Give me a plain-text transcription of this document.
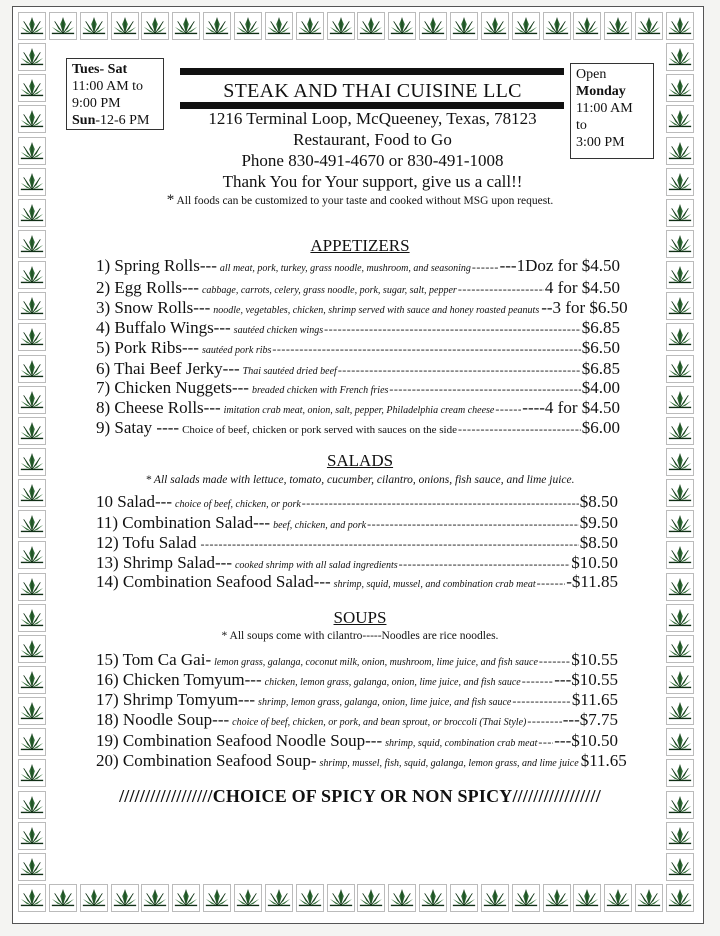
Tues- Sat
11:00 AM to
9:00 PM
Sun-12-6 PM
Open
Monday
11:00 AM
to
3:00 PM
STEAK AND THAI CUISINE LLC
1216 Terminal Loop, McQueeney, Texas, 78123
Restaurant, Food to Go
Phone 830-491-4670 or 830-491-1008
Thank You for Your support, give us a call!!
* All foods can be customized to your taste and cooked without MSG upon request.
APPETIZERS
1) Spring Rolls--- all meat, pork, turkey, grass noodle, mushroom, and seasoning ----- ---1Doz for $4.50
2) Egg Rolls--- cabbage, carrots, celery, grass noodle, pork, sugar, salt, pepper -----	4 for $4.50
3) Snow Rolls--- noodle, vegetables, chicken, shrimp served with sauce and honey roasted peanuts --3 for $6.50
4) Buffalo Wings--- sautéed chicken wings -----	$6.85
5) Pork Ribs--- sautéed pork ribs -----	$6.50
6) Thai Beef Jerky--- Thai sautéed dried beef -----	$6.85
7) Chicken Nuggets--- breaded chicken with French fries -----	$4.00
8) Cheese Rolls--- imitation crab meat, onion, salt, pepper, Philadelphia cream cheese ----- ----4 for $4.50
9) Satay ---- Choice of beef, chicken or pork served with sauces on the side -----	$6.00
SALADS
* All salads made with lettuce, tomato, cucumber, cilantro, onions, fish sauce, and lime juice.
10 Salad--- choice of beef, chicken, or pork -----	$8.50
11) Combination Salad--- beef, chicken, and pork -----	$9.50
12) Tofu Salad -----	$8.50
13) Shrimp Salad--- cooked shrimp with all salad ingredients -----	$10.50
14) Combination Seafood Salad--- shrimp, squid, mussel, and combination crab meat ----- -$11.85
SOUPS
* All soups come with cilantro-----Noodles are rice noodles.
15) Tom Ca Gai- lemon grass, galanga, coconut milk, onion, mushroom, lime juice, and fish sauce ----- $10.55
16) Chicken Tomyum--- chicken, lemon grass, galanga, onion, lime juice, and fish sauce ----- ---$10.55
17) Shrimp Tomyum--- shrimp, lemon grass, galanga, onion, lime juice, and fish sauce -----	$11.65
18) Noodle Soup--- choice of beef, chicken, or pork, and bean sprout, or broccoli (Thai Style) ----- ---$7.75
19) Combination Seafood Noodle Soup--- shrimp, squid, combination crab meat ----- ---$10.50
20) Combination Seafood Soup- shrimp, mussel, fish, squid, galanga, lemon grass, and lime juice $11.65
//////////////////CHOICE OF SPICY OR NON SPICY/////////////////
